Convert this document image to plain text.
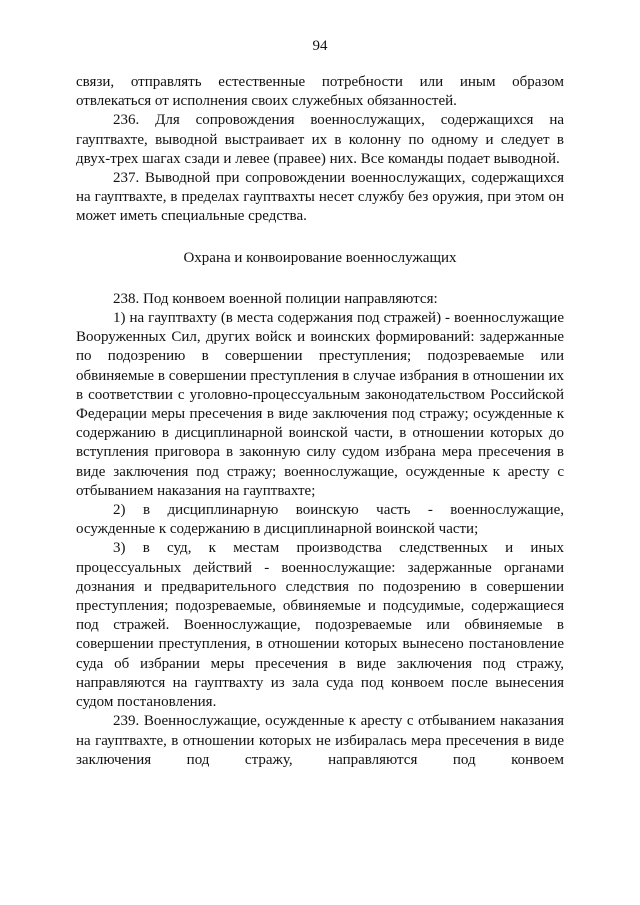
94

связи, отправлять естественные потребности или иным образом отвлекаться от исполнения своих служебных обязанностей.

236. Для сопровождения военнослужащих, содержащихся на гауптвахте, выводной выстраивает их в колонну по одному и следует в двух-трех шагах сзади и левее (правее) них. Все команды подает выводной.

237. Выводной при сопровождении военнослужащих, содержащихся на гауптвахте, в пределах гауптвахты несет службу без оружия, при этом он может иметь специальные средства.

Охрана и конвоирование военнослужащих

238. Под конвоем военной полиции направляются:

1) на гауптвахту (в места содержания под стражей) - военнослужащие Вооруженных Сил, других войск и воинских формирований: задержанные по подозрению в совершении преступления; подозреваемые или обвиняемые в совершении преступления в случае избрания в отношении их в соответствии с уголовно-процессуальным законодательством Российской Федерации меры пресечения в виде заключения под стражу; осужденные к содержанию в дисциплинарной воинской части, в отношении которых до вступления приговора в законную силу судом избрана мера пресечения в виде заключения под стражу; военнослужащие, осужденные к аресту с отбыванием наказания на гауптвахте;

2) в дисциплинарную воинскую часть - военнослужащие, осужденные к содержанию в дисциплинарной воинской части;

3) в суд, к местам производства следственных и иных процессуальных действий - военнослужащие: задержанные органами дознания и предварительного следствия по подозрению в совершении преступления; подозреваемые, обвиняемые и подсудимые, содержащиеся под стражей. Военнослужащие, подозреваемые или обвиняемые в совершении преступления, в отношении которых вынесено постановление суда об избрании меры пресечения в виде заключения под стражу, направляются на гауптвахту из зала суда под конвоем после вынесения судом постановления.

239. Военнослужащие, осужденные к аресту с отбыванием наказания на гауптвахте, в отношении которых не избиралась мера пресечения в виде заключения под стражу, направляются под конвоем
